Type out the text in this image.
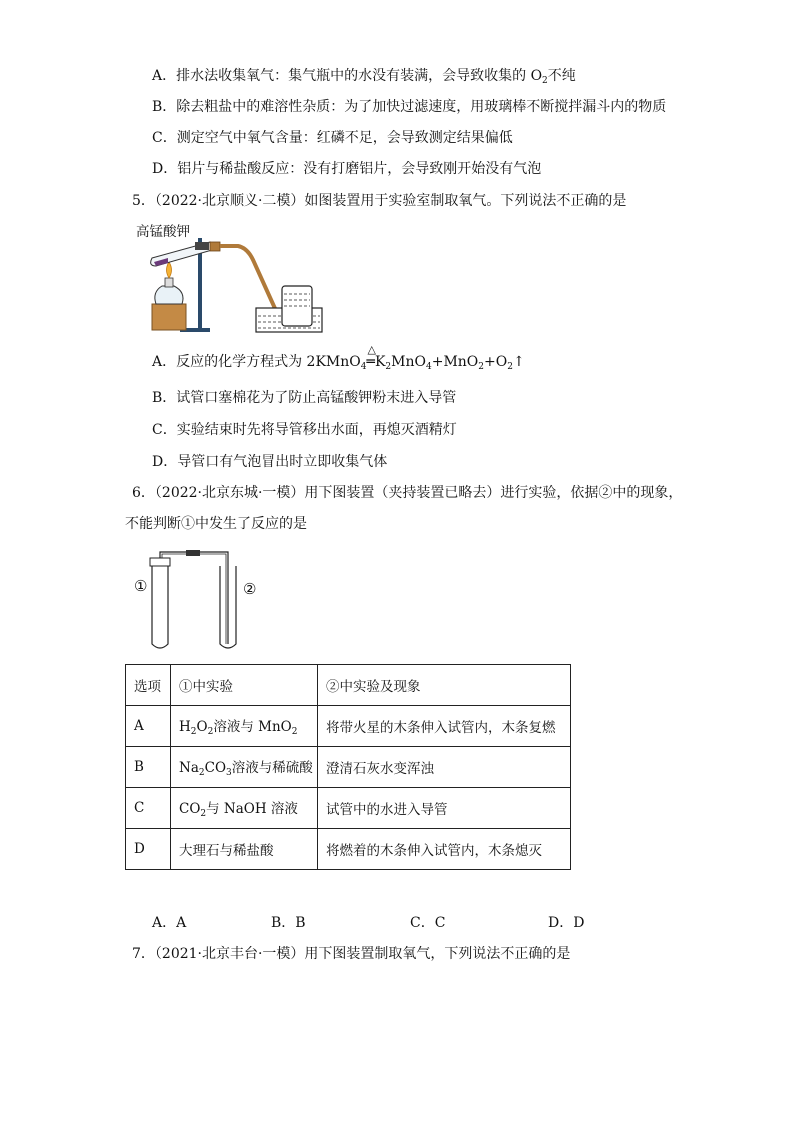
A．排水法收集氧气：集气瓶中的水没有装满，会导致收集的 $O_2$不纯
B．除去粗盐中的难溶性杂质：为了加快过滤速度，用玻璃棒不断搅拌漏斗内的物质
C．测定空气中氧气含量：红磷不足，会导致测定结果偏低
D．铝片与稀盐酸反应：没有打磨铝片，会导致刚开始没有气泡
5．（2022·北京顺义·二模）如图装置用于实验室制取氧气。下列说法不正确的是
高锰酸钾
A．反应的化学方程式为 2KMnO$_4$
△
$═K_2MnO_4+MnO_2+O_2↑$
B．试管口塞棉花为了防止高锰酸钾粉末进入导管
C．实验结束时先将导管移出水面，再熄灭酒精灯
D．导管口有气泡冒出时立即收集气体
6．（2022·北京东城·一模）用下图装置（夹持装置已略去）进行实验，依据②中的现象，
不能判断①中发生了反应的是
①	②
选项	①中实验	②中实验及现象
A	$H_2O_2$溶液与 MnO$_2$	将带火星的木条伸入试管内，木条复燃
B	$Na_2CO_3$溶液与稀硫酸	澄清石灰水变浑浊
C	$CO_2$与 NaOH 溶液	试管中的水进入导管
D	大理石与稀盐酸	将燃着的木条伸入试管内，木条熄灭
A．A	B．B	C．C	D．D
7．（2021·北京丰台·一模）用下图装置制取氧气，下列说法不正确的是
